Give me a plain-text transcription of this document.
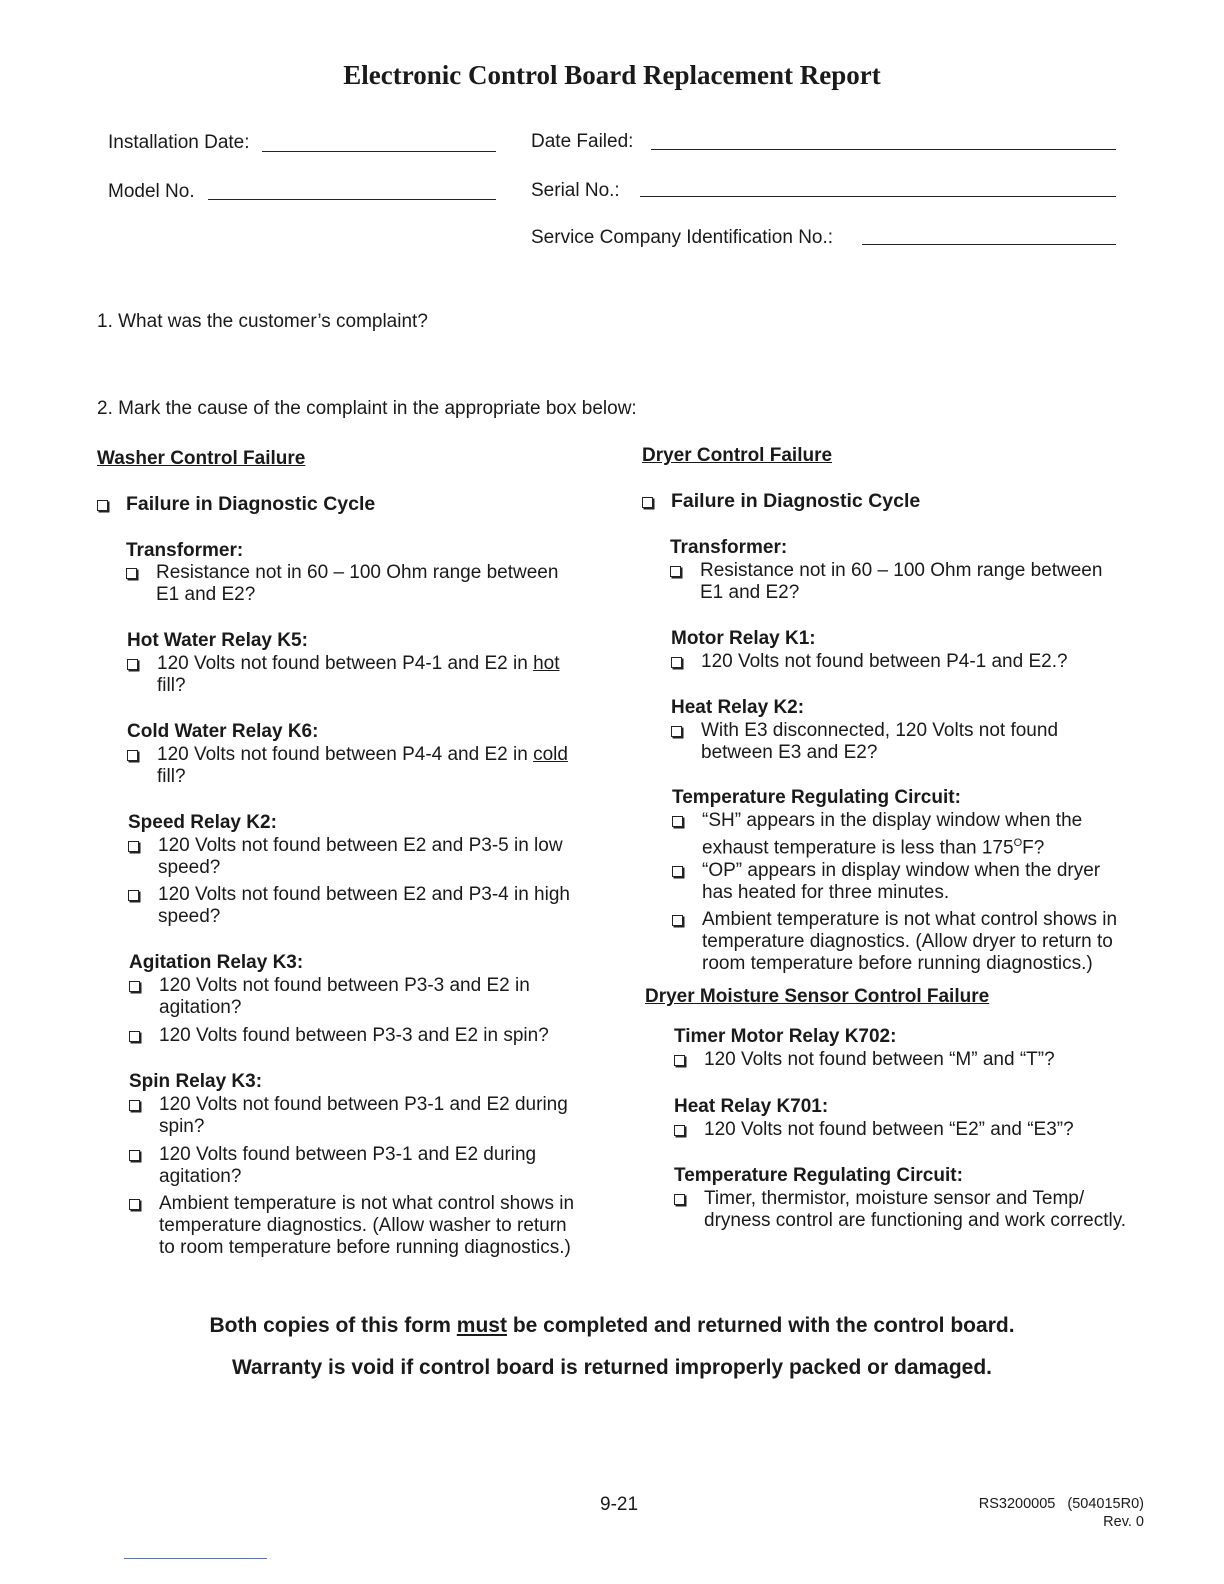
Electronic Control Board Replacement Report
Installation Date:	Date Failed:
Model No.	Serial No.:
Service Company Identification No.:
1. What was the customer’s complaint?
2. Mark the cause of the complaint in the appropriate box below:
Washer Control Failure
Failure in Diagnostic Cycle
Transformer:
Resistance not in 60 – 100 Ohm range between
E1 and E2?
Hot Water Relay K5:
120 Volts not found between P4-1 and E2 in hot
fill?
Cold Water Relay K6:
120 Volts not found between P4-4 and E2 in cold
fill?
Speed Relay K2:
120 Volts not found between E2 and P3-5 in low
speed?
120 Volts not found between E2 and P3-4 in high
speed?
Agitation Relay K3:
120 Volts not found between P3-3 and E2 in
agitation?
120 Volts found between P3-3 and E2 in spin?
Spin Relay K3:
120 Volts not found between P3-1 and E2 during
spin?
120 Volts found between P3-1 and E2 during
agitation?
Ambient temperature is not what control shows in
temperature diagnostics. (Allow washer to return
to room temperature before running diagnostics.)
Dryer Control Failure
Failure in Diagnostic Cycle
Transformer:
Resistance not in 60 – 100 Ohm range between
E1 and E2?
Motor Relay K1:
120 Volts not found between P4-1 and E2.?
Heat Relay K2:
With E3 disconnected, 120 Volts not found
between E3 and E2?
Temperature Regulating Circuit:
“SH” appears in the display window when the
exhaust temperature is less than $175^OF$?
“OP” appears in display window when the dryer
has heated for three minutes.
Ambient temperature is not what control shows in
temperature diagnostics. (Allow dryer to return to
room temperature before running diagnostics.)
Dryer Moisture Sensor Control Failure
Timer Motor Relay K702:
120 Volts not found between “M” and “T”?
Heat Relay K701:
120 Volts not found between “E2” and “E3”?
Temperature Regulating Circuit:
Timer, thermistor, moisture sensor and Temp/
dryness control are functioning and work correctly.
Both copies of this form must be completed and returned with the control board.
Warranty is void if control board is returned improperly packed or damaged.
9-21	RS3200005   (504015R0)
Rev. 0
